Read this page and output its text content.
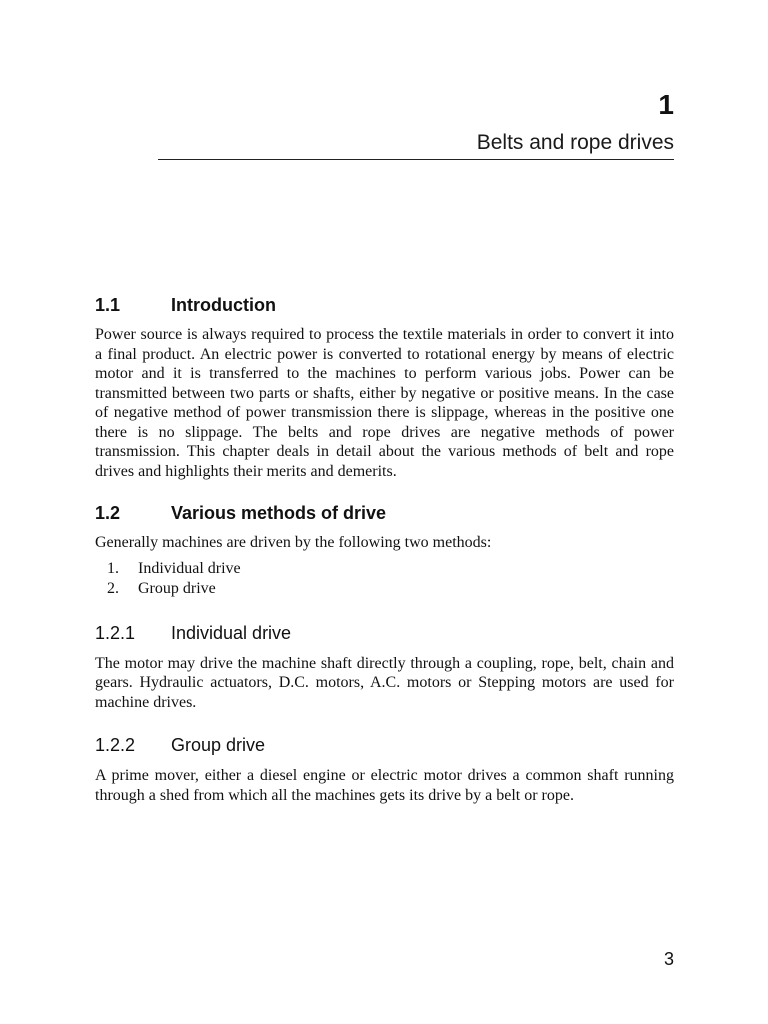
1
Belts and rope drives
1.1	Introduction

Power source is always required to process the textile materials in order to convert it into a final product. An electric power is converted to rotational energy by means of electric motor and it is transferred to the machines to perform various jobs. Power can be transmitted between two parts or shafts, either by negative or positive means. In the case of negative method of power transmission there is slippage, whereas in the positive one there is no slippage. The belts and rope drives are negative methods of power transmission. This chapter deals in detail about the various methods of belt and rope drives and highlights their merits and demerits.

1.2	Various methods of drive

Generally machines are driven by the following two methods:

1.	Individual drive
2.	Group drive
1.2.1	Individual drive

The motor may drive the machine shaft directly through a coupling, rope, belt, chain and gears. Hydraulic actuators, D.C. motors, A.C. motors or Stepping motors are used for machine drives.

1.2.2	Group drive

A prime mover, either a diesel engine or electric motor drives a common shaft running through a shed from which all the machines gets its drive by a belt or rope.

3
